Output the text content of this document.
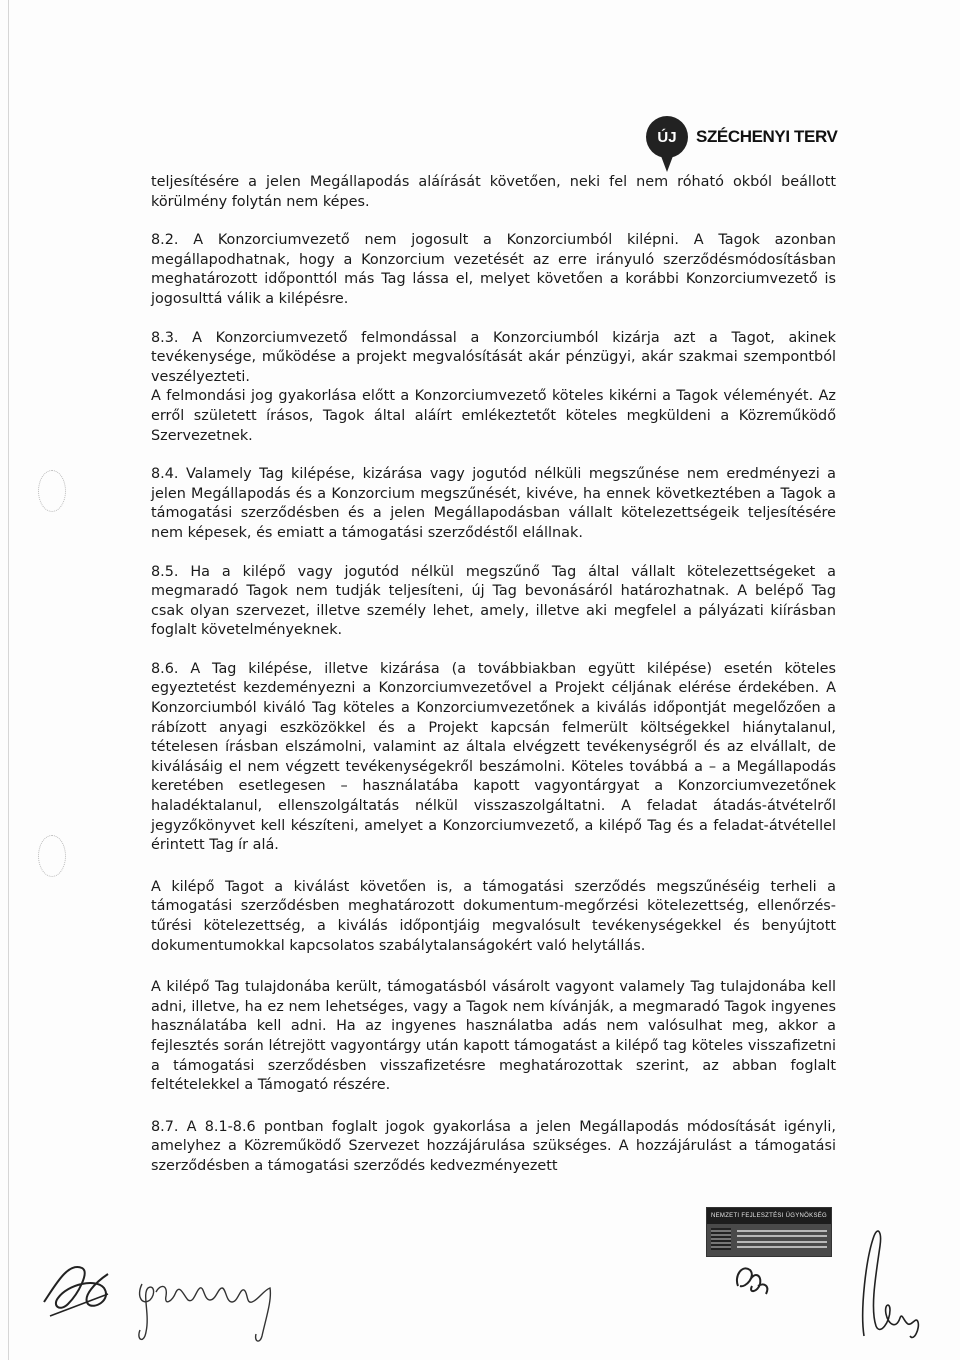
ÚJ	SZÉCHENYI TERV

teljesítésére a jelen Megállapodás aláírását követően, neki fel nem róható okból beállott körülmény folytán nem képes.

8.2. A Konzorciumvezető nem jogosult a Konzorciumból kilépni. A Tagok azonban megállapodhatnak, hogy a Konzorcium vezetését az erre irányuló szerződésmódosításban meghatározott időponttól más Tag lássa el, melyet követően a korábbi Konzorciumvezető is jogosulttá válik a kilépésre.

8.3. A Konzorciumvezető felmondással a Konzorciumból kizárja azt a Tagot, akinek tevékenysége, működése a projekt megvalósítását akár pénzügyi, akár szakmai szempontból veszélyezteti.

A felmondási jog gyakorlása előtt a Konzorciumvezető köteles kikérni a Tagok véleményét. Az erről született írásos, Tagok által aláírt emlékeztetőt köteles megküldeni a Közreműködő Szervezetnek.

8.4. Valamely Tag kilépése, kizárása vagy jogutód nélküli megszűnése nem eredményezi a jelen Megállapodás és a Konzorcium megszűnését, kivéve, ha ennek következtében a Tagok a támogatási szerződésben és a jelen Megállapodásban vállalt kötelezettségeik teljesítésére nem képesek, és emiatt a támogatási szerződéstől elállnak.

8.5. Ha a kilépő vagy jogutód nélkül megszűnő Tag által vállalt kötelezettségeket a megmaradó Tagok nem tudják teljesíteni, új Tag bevonásáról határozhatnak. A belépő Tag csak olyan szervezet, illetve személy lehet, amely, illetve aki megfelel a pályázati kiírásban foglalt követelményeknek.

8.6. A Tag kilépése, illetve kizárása (a továbbiakban együtt kilépése) esetén köteles egyeztetést kezdeményezni a Konzorciumvezetővel a Projekt céljának elérése érdekében. A Konzorciumból kiváló Tag köteles a Konzorciumvezetőnek a kiválás időpontját megelőzően a rábízott anyagi eszközökkel és a Projekt kapcsán felmerült költségekkel hiánytalanul, tételesen írásban elszámolni, valamint az általa elvégzett tevékenységről és az elvállalt, de kiválásáig el nem végzett tevékenységekről beszámolni. Köteles továbbá a – a Megállapodás keretében esetlegesen – használatába kapott vagyontárgyat a Konzorciumvezetőnek haladéktalanul, ellenszolgáltatás nélkül visszaszolgáltatni. A feladat átadás-átvételről jegyzőkönyvet kell készíteni, amelyet a Konzorciumvezető, a kilépő Tag és a feladat-átvétellel érintett Tag ír alá.

A kilépő Tagot a kiválást követően is, a támogatási szerződés megszűnéséig terheli a támogatási szerződésben meghatározott dokumentum-megőrzési kötelezettség, ellenőrzés-tűrési kötelezettség, a kiválás időpontjáig megvalósult tevékenységekkel és benyújtott dokumentumokkal kapcsolatos szabálytalanságokért való helytállás.

A kilépő Tag tulajdonába került, támogatásból vásárolt vagyont valamely Tag tulajdonába kell adni, illetve, ha ez nem lehetséges, vagy a Tagok nem kívánják, a megmaradó Tagok ingyenes használatába kell adni. Ha az ingyenes használatba adás nem valósulhat meg, akkor a fejlesztés során létrejött vagyontárgy után kapott támogatást a kilépő tag köteles visszafizetni a támogatási szerződésben visszafizetésre meghatározottak szerint, az abban foglalt feltételekkel a Támogató részére.

8.7. A 8.1-8.6 pontban foglalt jogok gyakorlása a jelen Megállapodás módosítását igényli, amelyhez a Közreműködő Szervezet hozzájárulása szükséges. A hozzájárulást a támogatási szerződésben a támogatási szerződés kedvezményezett

NEMZETI FEJLESZTÉSI ÜGYNÖKSÉG
